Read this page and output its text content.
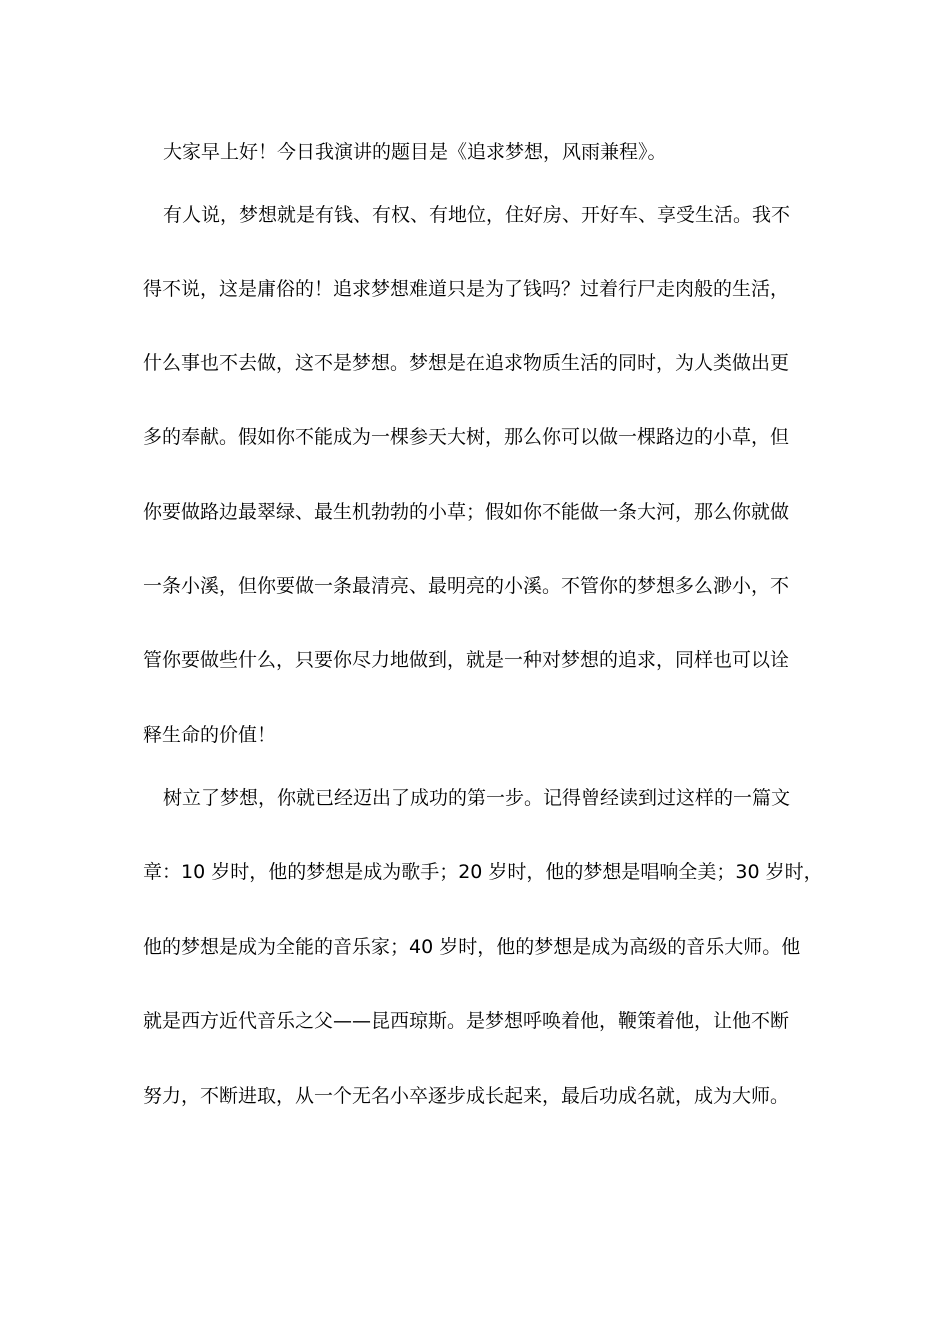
大家早上好！今日我演讲的题目是《追求梦想，风雨兼程》。
有人说，梦想就是有钱、有权、有地位，住好房、开好车、享受生活。我不
得不说，这是庸俗的！追求梦想难道只是为了钱吗？过着行尸走肉般的生活，
什么事也不去做，这不是梦想。梦想是在追求物质生活的同时，为人类做出更
多的奉献。假如你不能成为一棵参天大树，那么你可以做一棵路边的小草，但
你要做路边最翠绿、最生机勃勃的小草；假如你不能做一条大河，那么你就做
一条小溪，但你要做一条最清亮、最明亮的小溪。不管你的梦想多么渺小，不
管你要做些什么，只要你尽力地做到，就是一种对梦想的追求，同样也可以诠
释生命的价值！
树立了梦想，你就已经迈出了成功的第一步。记得曾经读到过这样的一篇文
章：10 岁时，他的梦想是成为歌手；20 岁时，他的梦想是唱响全美；30 岁时，
他的梦想是成为全能的音乐家；40 岁时，他的梦想是成为高级的音乐大师。他
就是西方近代音乐之父——昆西琼斯。是梦想呼唤着他，鞭策着他，让他不断
努力，不断进取，从一个无名小卒逐步成长起来，最后功成名就，成为大师。
